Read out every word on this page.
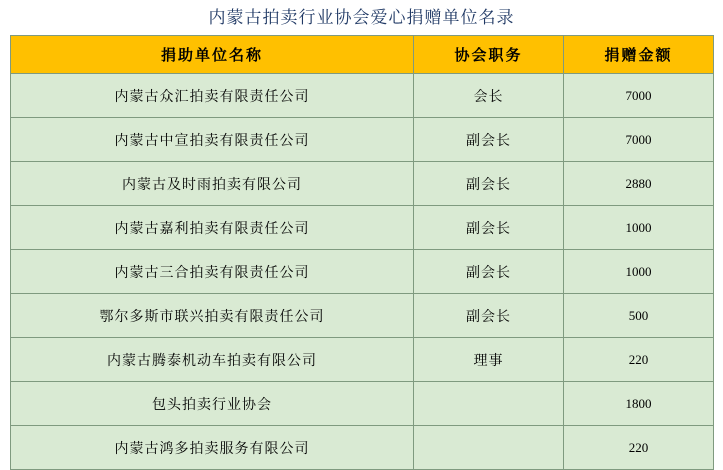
内蒙古拍卖行业协会爱心捐赠单位名录
捐助单位名称	协会职务	捐赠金额
内蒙古众汇拍卖有限责任公司	会长	7000
内蒙古中宣拍卖有限责任公司	副会长	7000
内蒙古及时雨拍卖有限公司	副会长	2880
内蒙古嘉利拍卖有限责任公司	副会长	1000
内蒙古三合拍卖有限责任公司	副会长	1000
鄂尔多斯市联兴拍卖有限责任公司	副会长	500
内蒙古腾泰机动车拍卖有限公司	理事	220
包头拍卖行业协会		1800
内蒙古鸿多拍卖服务有限公司		220
